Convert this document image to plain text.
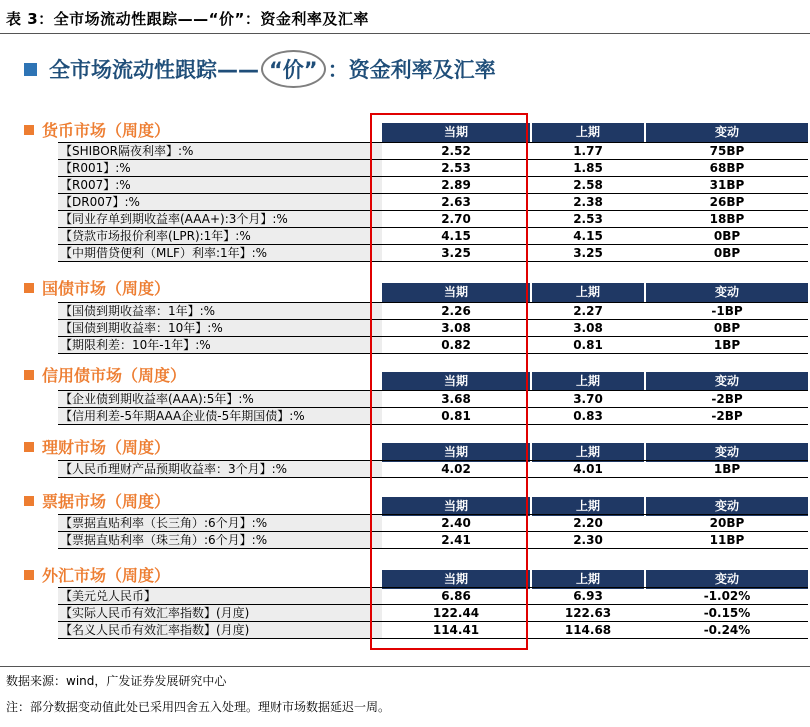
表 3：全市场流动性跟踪——“价”：资金利率及汇率
全市场流动性跟踪—— “价” ：资金利率及汇率
货币市场（周度）	当期	上期	变动
【SHIBOR隔夜利率】:%	2.52	1.77	75BP
【R001】:%	2.53	1.85	68BP
【R007】:%	2.89	2.58	31BP
【DR007】:%	2.63	2.38	26BP
【同业存单到期收益率(AAA+):3个月】:%	2.70	2.53	18BP
【贷款市场报价利率(LPR):1年】:%	4.15	4.15	0BP
【中期借贷便利（MLF）利率:1年】:%	3.25	3.25	0BP
国债市场（周度）	当期	上期	变动
【国债到期收益率：1年】:%	2.26	2.27	-1BP
【国债到期收益率：10年】:%	3.08	3.08	0BP
【期限利差：10年-1年】:%	0.82	0.81	1BP
信用债市场（周度）	当期	上期	变动
【企业债到期收益率(AAA):5年】:%	3.68	3.70	-2BP
【信用利差-5年期AAA企业债-5年期国债】:%	0.81	0.83	-2BP
理财市场（周度）	当期	上期	变动
【人民币理财产品预期收益率：3个月】:%	4.02	4.01	1BP
票据市场（周度）	当期	上期	变动
【票据直贴利率（长三角）:6个月】:%	2.40	2.20	20BP
【票据直贴利率（珠三角）:6个月】:%	2.41	2.30	11BP
外汇市场（周度）	当期	上期	变动
【美元兑人民币】	6.86	6.93	-1.02%
【实际人民币有效汇率指数】(月度)	122.44	122.63	-0.15%
【名义人民币有效汇率指数】(月度)	114.41	114.68	-0.24%
数据来源：wind，广发证券发展研究中心
注：部分数据变动值此处已采用四舍五入处理。理财市场数据延迟一周。
